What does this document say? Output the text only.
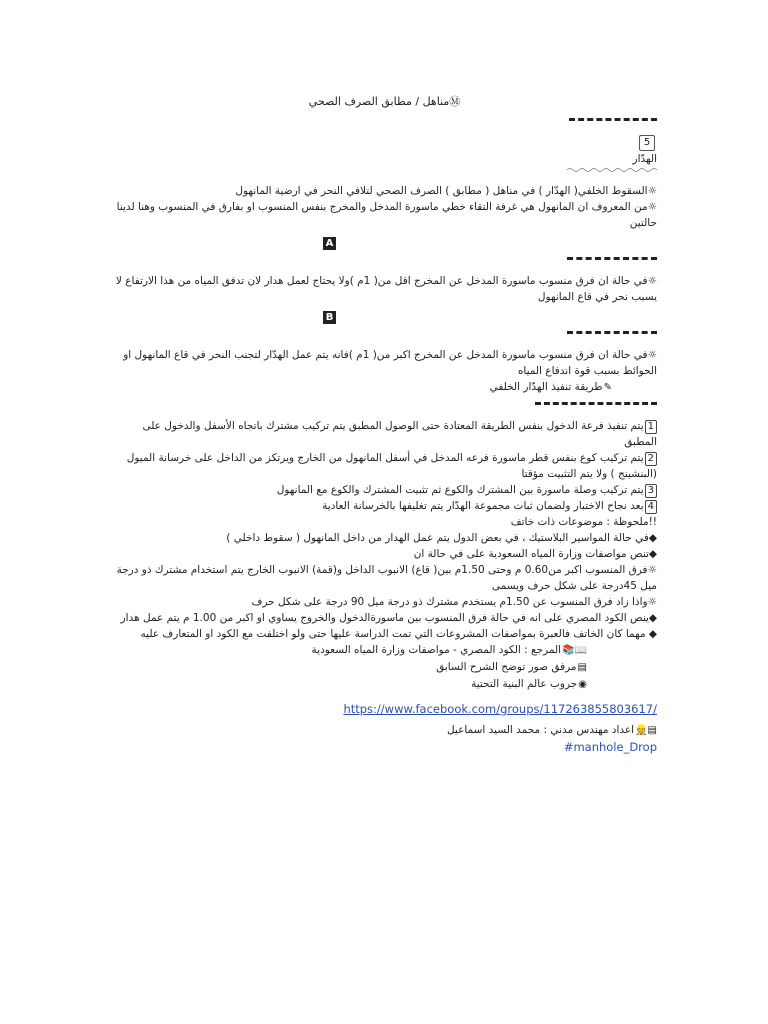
Ⓜمناهل / مطابق الصرف الصحي

5

الهدّار

☼السقوط الخلفي( الهدّار ) في مناهل ( مطابق ) الصرف الصحي لتلافي النحر في ارضية المانهول

☼من المعروف ان المانهول هي غرفة التقاء خطي ماسورة المدخل والمخرج بنفس المنسوب او بفارق في المنسوب وهنا لدينا حالتين

A

☼في حالة ان فرق منسوب ماسورة المدخل عن المخرج اقل من( 1م )ولا يحتاج لعمل هدار لان تدفق المياه من هذا الارتفاع لا يسبب نحر في قاع المانهول

B

☼في حالة ان فرق منسوب ماسورة المدخل عن المخرج اكبر من( 1م )فانه يتم عمل الهدّار لتجنب النحر في قاع المانهول او الحوائط بسبب قوة اندفاع المياه

✎طريقة تنفيذ الهدّار الخلفي

1يتم تنفيذ فرعة الدخول بنفس الطريقة المعتادة حتى الوصول المطبق يتم تركيب مشترك باتجاه الأسفل والدخول على المطبق

2يتم تركيب كوع بنفس قطر ماسورة فرعه المدخل في أسفل المانهول من الخارج ويرتكز من الداخل على خرسانة الميول (البنشينج ) ولا يتم التثبيت مؤقتا

3يتم تركيب وصلة ماسورة بين المشترك والكوع ثم تثبيت المشترك والكوع مع المانهول

4بعد نجاح الاختبار ولضمان ثبات مجموعة الهدّار يتم تغليفها بالخرسانة العادية

!!ملحوظة : موضوعات ذات خاتف

◆في حالة المواسير البلاستيك ، في بعض الدول يتم عمل الهدار من داخل المانهول ( سقوط داخلي )

◆تنص مواصفات وزارة المياه السعودية على في حالة ان

☼فرق المنسوب اكبر من0.60 م وحتى 1.50م بين( قاع) الانبوب الداخل و(قمة) الانبوب الخارج يتم استخدام مشترك ذو درجة ميل 45درجة على شكل حرف ويسمى

☼واذا زاد فرق المنسوب عن 1.50م يستخدم مشترك ذو درجة ميل 90 درجة على شكل حرف

◆ينص الكود المصري على انه في حالة فرق المنسوب بين ماسورةالدخول والخروج يساوي او اكبر من 1.00 م يتم عمل هدار

◆ مهما كان الخاتف فالعبرة بمواصفات المشروعات التي تمت الدراسة عليها حتى ولو اختلفت مع الكود او المتعارف عليه

📖📚المرجع : الكود المصري - مواصفات وزارة المياه السعودية

▤مرفق صور توضح الشرح السابق

◉جروب عالم البنية التحتية

https://www.facebook.com/groups/117263855803617/

▤👷اعداد مهندس مدني : محمد السيد اسماعيل

#manhole_Drop
